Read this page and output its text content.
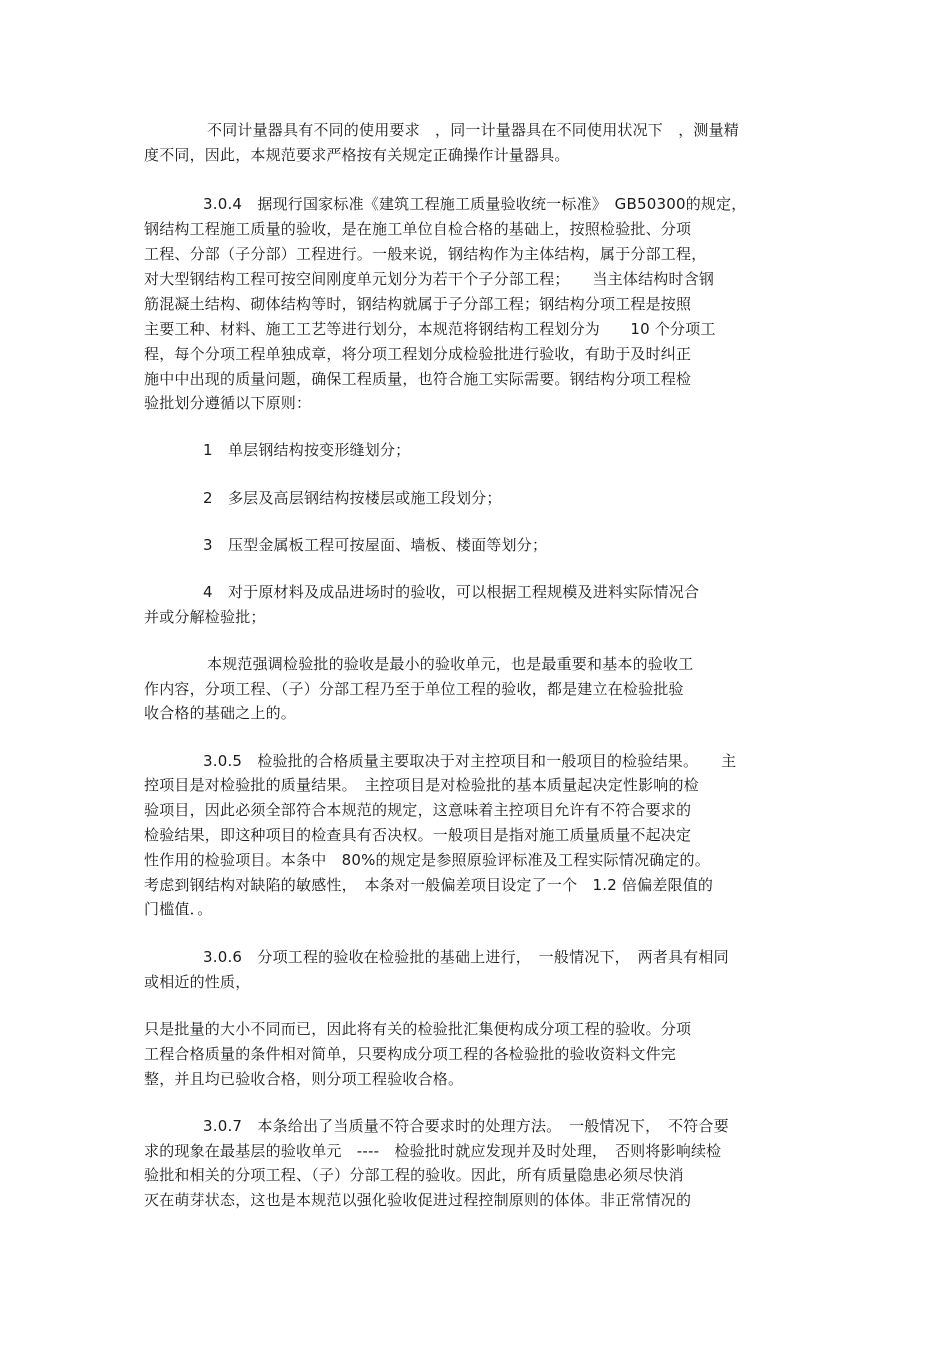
不同计量器具有不同的使用要求　，同一计量器具在不同使用状况下　，测量精
度不同，因此，本规范要求严格按有关规定正确操作计量器具。
3.0.4　据现行国家标准《建筑工程施工质量验收统一标准》　GB50300的规定，
钢结构工程施工质量的验收，是在施工单位自检合格的基础上，按照检验批、分项
工程、分部（子分部）工程进行。一般来说，钢结构作为主体结构，属于分部工程，
对大型钢结构工程可按空间刚度单元划分为若干个子分部工程；　　当主体结构时含钢
筋混凝土结构、砌体结构等时，钢结构就属于子分部工程；钢结构分项工程是按照
主要工种、材料、施工工艺等进行划分，本规范将钢结构工程划分为　　10 个分项工
程，每个分项工程单独成章，将分项工程划分成检验批进行验收，有助于及时纠正
施中中出现的质量问题，确保工程质量，也符合施工实际需要。钢结构分项工程检
验批划分遵循以下原则：
1　单层钢结构按变形缝划分；
2　多层及高层钢结构按楼层或施工段划分；
3　压型金属板工程可按屋面、墙板、楼面等划分；
4　对于原材料及成品进场时的验收，可以根据工程规模及进料实际情况合
并或分解检验批；
本规范强调检验批的验收是最小的验收单元，也是最重要和基本的验收工
作内容，分项工程、（子）分部工程乃至于单位工程的验收，都是建立在检验批验
收合格的基础之上的。
3.0.5　检验批的合格质量主要取决于对主控项目和一般项目的检验结果。　　主
控项目是对检验批的质量结果。　主控项目是对检验批的基本质量起决定性影响的检
验项目，因此必须全部符合本规范的规定，这意味着主控项目允许有不符合要求的
检验结果，即这种项目的检查具有否决权。一般项目是指对施工质量质量不起决定
性作用的检验项目。本条中　80%的规定是参照原验评标准及工程实际情况确定的。
考虑到钢结构对缺陷的敏感性，　本条对一般偏差项目设定了一个　1.2 倍偏差限值的
门槛值．。
3.0.6　分项工程的验收在检验批的基础上进行，　一般情况下，　两者具有相同
或相近的性质，
只是批量的大小不同而已，因此将有关的检验批汇集便构成分项工程的验收。分项
工程合格质量的条件相对简单，只要构成分项工程的各检验批的验收资料文件完
整，并且均已验收合格，则分项工程验收合格。
3.0.7　本条给出了当质量不符合要求时的处理方法。　一般情况下，　不符合要
求的现象在最基层的验收单元　----　检验批时就应发现并及时处理，　否则将影响续检
验批和相关的分项工程、（子）分部工程的验收。因此，所有质量隐患必须尽快消
灭在萌芽状态，这也是本规范以强化验收促进过程控制原则的体体。非正常情况的
